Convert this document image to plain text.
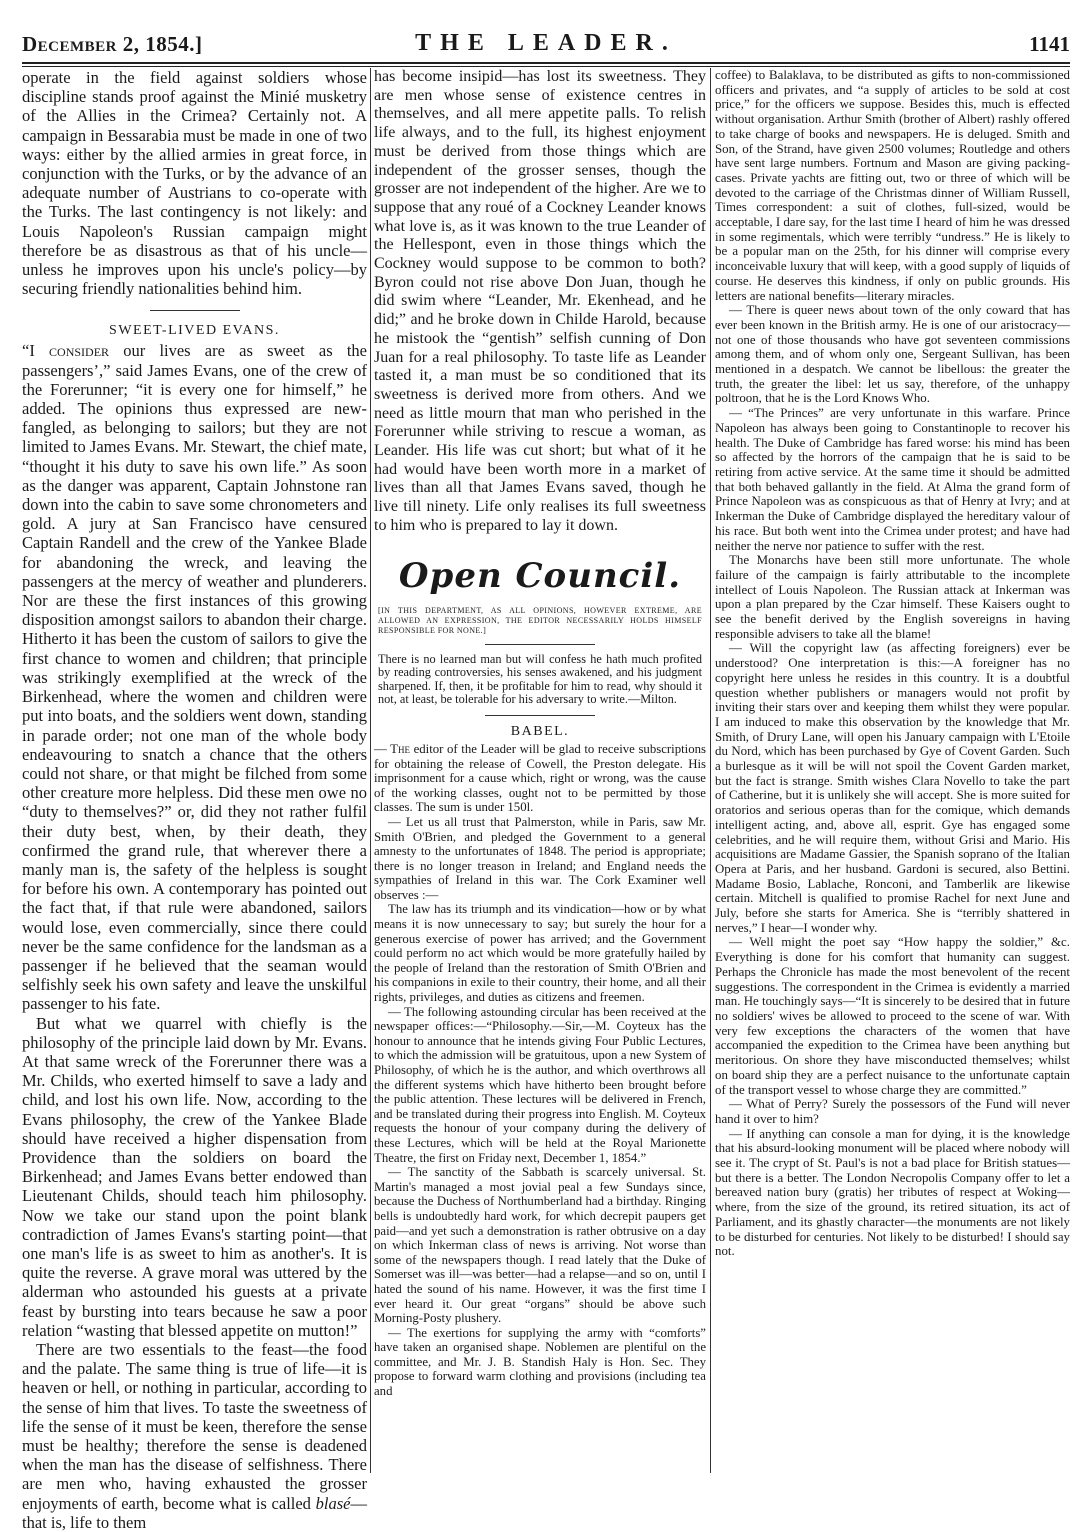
December 2, 1854.]	THE LEADER.	1141

operate in the field against soldiers whose discipline stands proof against the Minié musketry of the Allies in the Crimea? Certainly not. A campaign in Bessarabia must be made in one of two ways: either by the allied armies in great force, in conjunction with the Turks, or by the advance of an adequate number of Austrians to co-operate with the Turks. The last contingency is not likely: and Louis Napoleon's Russian campaign might therefore be as disastrous as that of his uncle—unless he improves upon his uncle's policy—by securing friendly nationalities behind him.

SWEET-LIVED EVANS.

“I consider our lives are as sweet as the passengers’,” said James Evans, one of the crew of the Forerunner; “it is every one for himself,” he added. The opinions thus expressed are new-fangled, as belonging to sailors; but they are not limited to James Evans. Mr. Stewart, the chief mate, “thought it his duty to save his own life.” As soon as the danger was apparent, Captain Johnstone ran down into the cabin to save some chronometers and gold. A jury at San Francisco have censured Captain Randell and the crew of the Yankee Blade for abandoning the wreck, and leaving the passengers at the mercy of weather and plunderers. Nor are these the first instances of this growing disposition amongst sailors to abandon their charge. Hitherto it has been the custom of sailors to give the first chance to women and children; that principle was strikingly exemplified at the wreck of the Birkenhead, where the women and children were put into boats, and the soldiers went down, standing in parade order; not one man of the whole body endeavouring to snatch a chance that the others could not share, or that might be filched from some other creature more helpless. Did these men owe no “duty to themselves?” or, did they not rather fulfil their duty best, when, by their death, they confirmed the grand rule, that wherever there a manly man is, the safety of the helpless is sought for before his own. A contemporary has pointed out the fact that, if that rule were abandoned, sailors would lose, even commercially, since there could never be the same confidence for the landsman as a passenger if he believed that the seaman would selfishly seek his own safety and leave the unskilful passenger to his fate.

But what we quarrel with chiefly is the philosophy of the principle laid down by Mr. Evans. At that same wreck of the Forerunner there was a Mr. Childs, who exerted himself to save a lady and child, and lost his own life. Now, according to the Evans philosophy, the crew of the Yankee Blade should have received a higher dispensation from Providence than the soldiers on board the Birkenhead; and James Evans better endowed than Lieutenant Childs, should teach him philosophy. Now we take our stand upon the point blank contradiction of James Evans's starting point—that one man's life is as sweet to him as another's. It is quite the reverse. A grave moral was uttered by the alderman who astounded his guests at a private feast by bursting into tears because he saw a poor relation “wasting that blessed appetite on mutton!”

There are two essentials to the feast—the food and the palate. The same thing is true of life—it is heaven or hell, or nothing in particular, according to the sense of him that lives. To taste the sweetness of life the sense of it must be keen, therefore the sense must be healthy; therefore the sense is deadened when the man has the disease of selfishness. There are men who, having exhausted the grosser enjoyments of earth, become what is called blasé—that is, life to them

has become insipid—has lost its sweetness. They are men whose sense of existence centres in themselves, and all mere appetite palls. To relish life always, and to the full, its highest enjoyment must be derived from those things which are independent of the grosser senses, though the grosser are not independent of the higher. Are we to suppose that any roué of a Cockney Leander knows what love is, as it was known to the true Leander of the Hellespont, even in those things which the Cockney would suppose to be common to both? Byron could not rise above Don Juan, though he did swim where “Leander, Mr. Ekenhead, and he did;” and he broke down in Childe Harold, because he mistook the “gentish” selfish cunning of Don Juan for a real philosophy. To taste life as Leander tasted it, a man must be so conditioned that its sweetness is derived more from others. And we need as little mourn that man who perished in the Forerunner while striving to rescue a woman, as Leander. His life was cut short; but what of it he had would have been worth more in a market of lives than all that James Evans saved, though he live till ninety. Life only realises its full sweetness to him who is prepared to lay it down.

Open Council.
[IN THIS DEPARTMENT, AS ALL OPINIONS, HOWEVER EXTREME, ARE ALLOWED AN EXPRESSION, THE EDITOR NECESSARILY HOLDS HIMSELF RESPONSIBLE FOR NONE.]
There is no learned man but will confess he hath much profited by reading controversies, his senses awakened, and his judgment sharpened. If, then, it be profitable for him to read, why should it not, at least, be tolerable for his adversary to write.—Milton.
BABEL.

— The editor of the Leader will be glad to receive subscriptions for obtaining the release of Cowell, the Preston delegate. His imprisonment for a cause which, right or wrong, was the cause of the working classes, ought not to be permitted by those classes. The sum is under 150l.

— Let us all trust that Palmerston, while in Paris, saw Mr. Smith O'Brien, and pledged the Government to a general amnesty to the unfortunates of 1848. The period is appropriate; there is no longer treason in Ireland; and England needs the sympathies of Ireland in this war. The Cork Examiner well observes :—

The law has its triumph and its vindication—how or by what means it is now unnecessary to say; but surely the hour for a generous exercise of power has arrived; and the Government could perform no act which would be more gratefully hailed by the people of Ireland than the restoration of Smith O'Brien and his companions in exile to their country, their home, and all their rights, privileges, and duties as citizens and freemen.

— The following astounding circular has been received at the newspaper offices:—“Philosophy.—Sir,—M. Coyteux has the honour to announce that he intends giving Four Public Lectures, to which the admission will be gratuitous, upon a new System of Philosophy, of which he is the author, and which overthrows all the different systems which have hitherto been brought before the public attention. These lectures will be delivered in French, and be translated during their progress into English. M. Coyteux requests the honour of your company during the delivery of these Lectures, which will be held at the Royal Marionette Theatre, the first on Friday next, December 1, 1854.”

— The sanctity of the Sabbath is scarcely universal. St. Martin's managed a most jovial peal a few Sundays since, because the Duchess of Northumberland had a birthday. Ringing bells is undoubtedly hard work, for which decrepit paupers get paid—and yet such a demonstration is rather obtrusive on a day on which Inkerman class of news is arriving. Not worse than some of the newspapers though. I read lately that the Duke of Somerset was ill—was better—had a relapse—and so on, until I hated the sound of his name. However, it was the first time I ever heard it. Our great “organs” should be above such Morning-Posty plushery.

— The exertions for supplying the army with “comforts” have taken an organised shape. Noblemen are plentiful on the committee, and Mr. J. B. Standish Haly is Hon. Sec. They propose to forward warm clothing and provisions (including tea and

coffee) to Balaklava, to be distributed as gifts to non-commissioned officers and privates, and “a supply of articles to be sold at cost price,” for the officers we suppose. Besides this, much is effected without organisation. Arthur Smith (brother of Albert) rashly offered to take charge of books and newspapers. He is deluged. Smith and Son, of the Strand, have given 2500 volumes; Routledge and others have sent large numbers. Fortnum and Mason are giving packing-cases. Private yachts are fitting out, two or three of which will be devoted to the carriage of the Christmas dinner of William Russell, Times correspondent: a suit of clothes, full-sized, would be acceptable, I dare say, for the last time I heard of him he was dressed in some regimentals, which were terribly “undress.” He is likely to be a popular man on the 25th, for his dinner will comprise every inconceivable luxury that will keep, with a good supply of liquids of course. He deserves this kindness, if only on public grounds. His letters are national benefits—literary miracles.

— There is queer news about town of the only coward that has ever been known in the British army. He is one of our aristocracy—not one of those thousands who have got seventeen commissions among them, and of whom only one, Sergeant Sullivan, has been mentioned in a despatch. We cannot be libellous: the greater the truth, the greater the libel: let us say, therefore, of the unhappy poltroon, that he is the Lord Knows Who.

— “The Princes” are very unfortunate in this warfare. Prince Napoleon has always been going to Constantinople to recover his health. The Duke of Cambridge has fared worse: his mind has been so affected by the horrors of the campaign that he is said to be retiring from active service. At the same time it should be admitted that both behaved gallantly in the field. At Alma the grand form of Prince Napoleon was as conspicuous as that of Henry at Ivry; and at Inkerman the Duke of Cambridge displayed the hereditary valour of his race. But both went into the Crimea under protest; and have had neither the nerve nor patience to suffer with the rest.

The Monarchs have been still more unfortunate. The whole failure of the campaign is fairly attributable to the incomplete intellect of Louis Napoleon. The Russian attack at Inkerman was upon a plan prepared by the Czar himself. These Kaisers ought to see the benefit derived by the English sovereigns in having responsible advisers to take all the blame!

— Will the copyright law (as affecting foreigners) ever be understood? One interpretation is this:—A foreigner has no copyright here unless he resides in this country. It is a doubtful question whether publishers or managers would not profit by inviting their stars over and keeping them whilst they were popular. I am induced to make this observation by the knowledge that Mr. Smith, of Drury Lane, will open his January campaign with L'Etoile du Nord, which has been purchased by Gye of Covent Garden. Such a burlesque as it will be will not spoil the Covent Garden market, but the fact is strange. Smith wishes Clara Novello to take the part of Catherine, but it is unlikely she will accept. She is more suited for oratorios and serious operas than for the comique, which demands intelligent acting, and, above all, esprit. Gye has engaged some celebrities, and he will require them, without Grisi and Mario. His acquisitions are Madame Gassier, the Spanish soprano of the Italian Opera at Paris, and her husband. Gardoni is secured, also Bettini. Madame Bosio, Lablache, Ronconi, and Tamberlik are likewise certain. Mitchell is qualified to promise Rachel for next June and July, before she starts for America. She is “terribly shattered in nerves,” I hear—I wonder why.

— Well might the poet say “How happy the soldier,” &c. Everything is done for his comfort that humanity can suggest. Perhaps the Chronicle has made the most benevolent of the recent suggestions. The correspondent in the Crimea is evidently a married man. He touchingly says—“It is sincerely to be desired that in future no soldiers' wives be allowed to proceed to the scene of war. With very few exceptions the characters of the women that have accompanied the expedition to the Crimea have been anything but meritorious. On shore they have misconducted themselves; whilst on board ship they are a perfect nuisance to the unfortunate captain of the transport vessel to whose charge they are committed.”

— What of Perry? Surely the possessors of the Fund will never hand it over to him?

— If anything can console a man for dying, it is the knowledge that his absurd-looking monument will be placed where nobody will see it. The crypt of St. Paul's is not a bad place for British statues—but there is a better. The London Necropolis Company offer to let a bereaved nation bury (gratis) her tributes of respect at Woking—where, from the size of the ground, its retired situation, its act of Parliament, and its ghastly character—the monuments are not likely to be disturbed for centuries. Not likely to be disturbed! I should say not.
